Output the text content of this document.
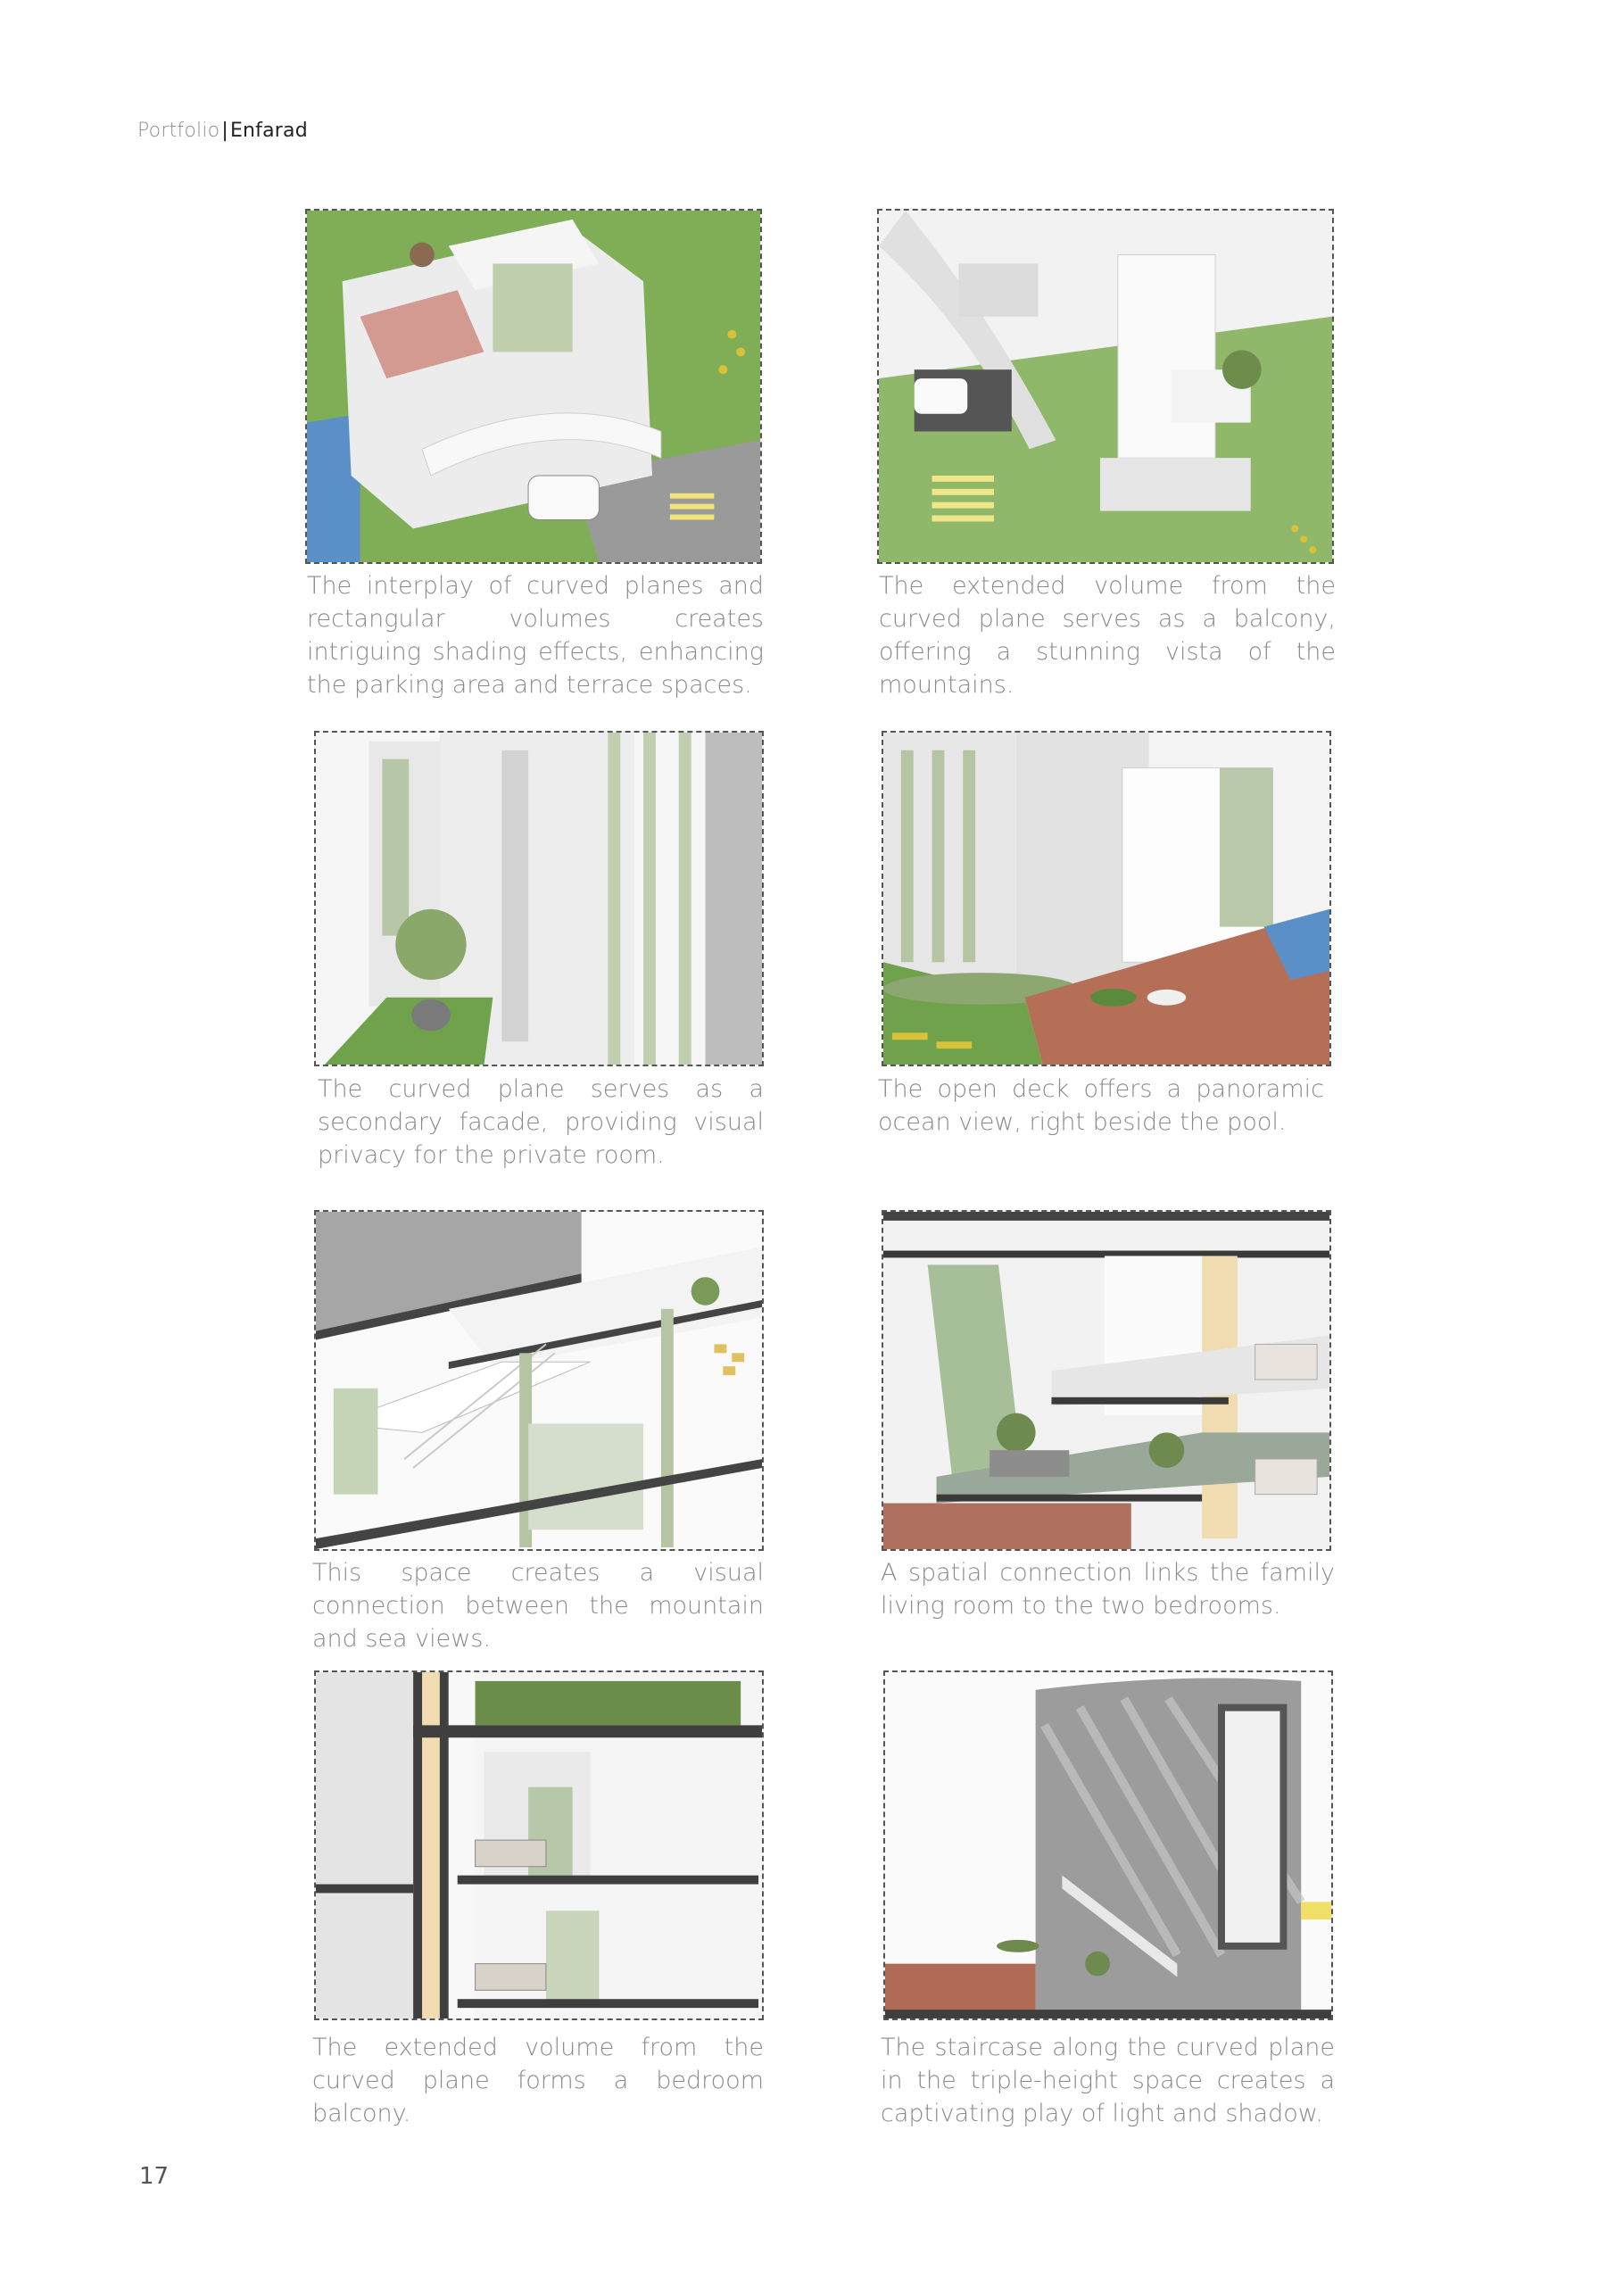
Portfolio|Enfarad
The interplay of curved planes and rectangular volumes creates intriguing shading effects, enhancing the parking area and terrace spaces.
The extended volume from the curved plane serves as a balcony, offering a stunning vista of the mountains.
The curved plane serves as a secondary facade, providing visual privacy for the private room.
The open deck offers a panoramic ocean view, right beside the pool.
This space creates a visual connection between the mountain and sea views.
A spatial connection links the family living room to the two bedrooms.
The extended volume from the curved plane forms a bedroom balcony.
The staircase along the curved plane in the triple-height space creates a captivating play of light and shadow.
17
